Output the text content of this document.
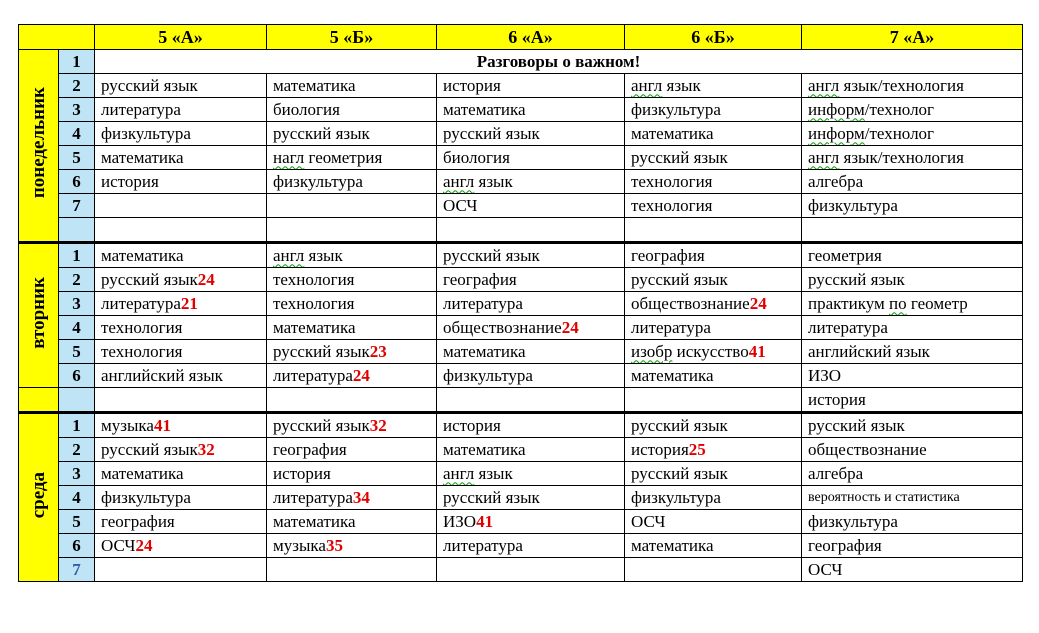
		5 «А»	5 «Б»	6 «А»	6 «Б»	7 «А»
понедельник	1	Разговоры о важном!				
	2	русский язык	математика	история	англ язык	англ язык/технология
	3	литература	биология	математика	физкультура	информ/технолог
	4	физкультура	русский язык	русский язык	математика	информ/технолог
	5	математика	нагл геометрия	биология	русский язык	англ язык/технология
	6	история	физкультура	англ язык	технология	алгебра
	7			ОСЧ	технология	физкультура

вторник	1	математика	англ язык	русский язык	география	геометрия
	2	русский язык24	технология	география	русский язык	русский язык
	3	литература21	технология	литература	обществознание24	практикум по геометр
	4	технология	математика	обществознание24	литература	литература
	5	технология	русский язык23	математика	изобр искусство41	английский язык
	6	английский язык	литература24	физкультура	математика	ИЗО
						история
среда	1	музыка41	русский язык32	история	русский язык	русский язык
	2	русский язык32	география	математика	история25	обществознание
	3	математика	история	англ язык	русский язык	алгебра
	4	физкультура	литература34	русский язык	физкультура	вероятность и статистика
	5	география	математика	ИЗО41	ОСЧ	физкультура
	6	ОСЧ24	музыка35	литература	математика	география
	7					ОСЧ
